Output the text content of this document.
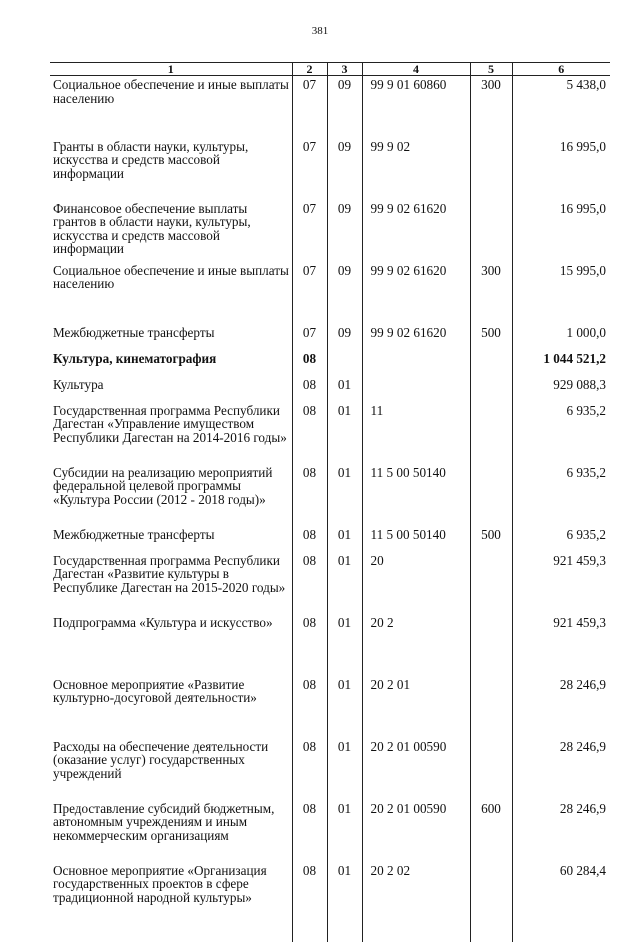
381
1	2	3	4	5	6
Социальное обеспечение и иные выплаты населению	07	09	99 9 01 60860	300	5 438,0
Гранты в области науки, культуры, искусства и средств массовой информации	07	09	99 9 02		16 995,0
Финансовое обеспечение выплаты грантов в области науки, культуры, искусства и средств массовой информации	07	09	99 9 02 61620		16 995,0
Социальное обеспечение и иные выплаты населению	07	09	99 9 02 61620	300	15 995,0
Межбюджетные трансферты	07	09	99 9 02 61620	500	1 000,0
Культура, кинематография	08				1 044 521,2
Культура	08	01			929 088,3
Государственная программа Республики Дагестан «Управление имуществом Республики Дагестан на 2014-2016 годы»	08	01	11		6 935,2
Субсидии на реализацию мероприятий федеральной целевой программы «Культура России (2012 - 2018 годы)»	08	01	11 5 00 50140		6 935,2
Межбюджетные трансферты	08	01	11 5 00 50140	500	6 935,2
Государственная программа Республики Дагестан «Развитие культуры в Республике Дагестан на 2015-2020 годы»	08	01	20		921 459,3
Подпрограмма «Культура и искусство»	08	01	20 2		921 459,3
Основное мероприятие «Развитие культурно-досуговой деятельности»	08	01	20 2 01		28 246,9
Расходы на обеспечение деятельности (оказание услуг) государственных учреждений	08	01	20 2 01 00590		28 246,9
Предоставление субсидий бюджетным, автономным учреждениям и иным некоммерческим организациям	08	01	20 2 01 00590	600	28 246,9
Основное мероприятие «Организация государственных проектов в сфере традиционной народной культуры»	08	01	20 2 02		60 284,4
